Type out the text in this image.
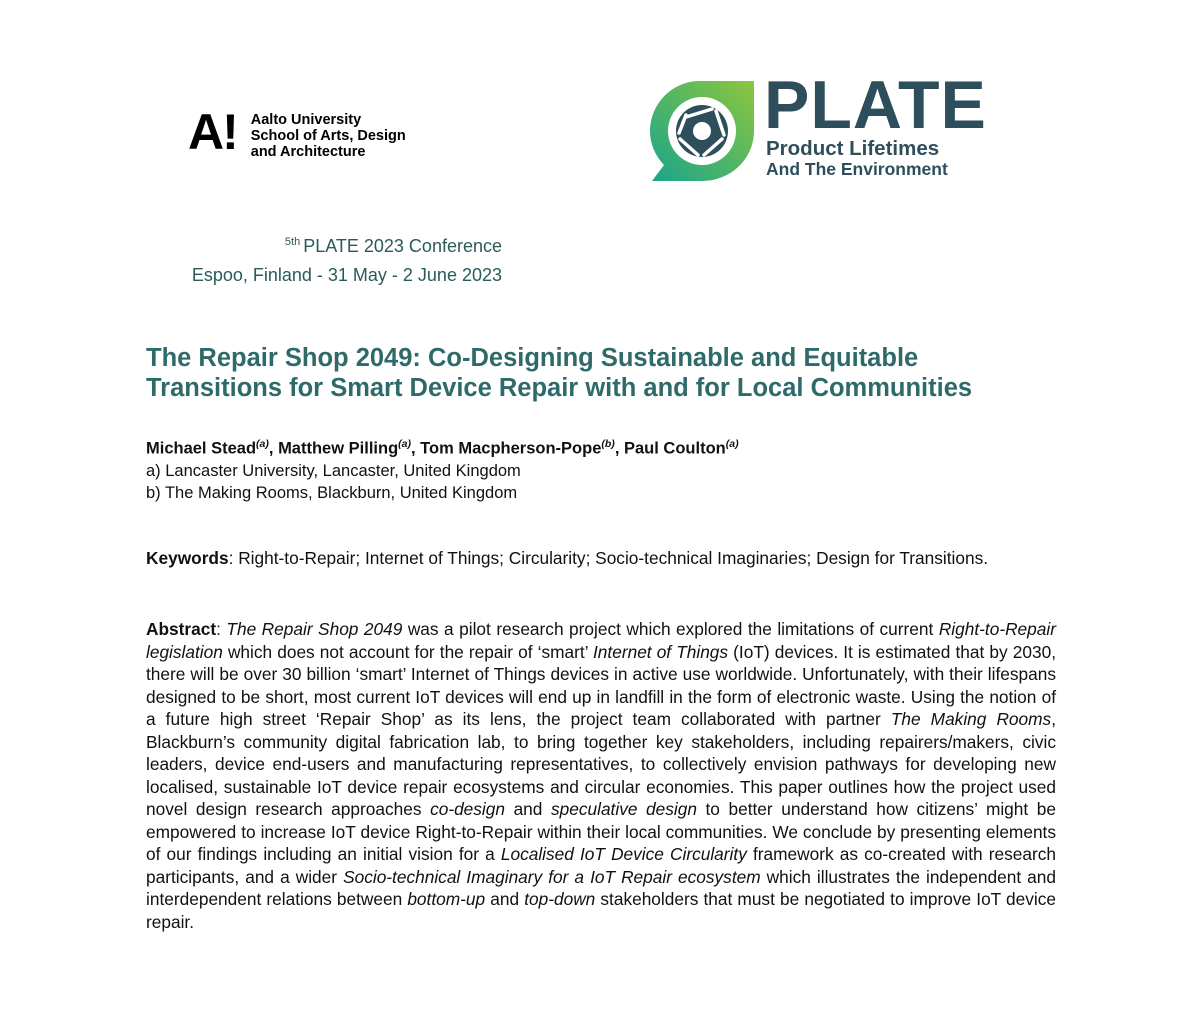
A! Aalto University
School of Arts, Design
and Architecture
PLATE
Product Lifetimes
And The Environment
$^{5th}$ PLATE 2023 Conference
Espoo, Finland - 31 May - 2 June 2023
The Repair Shop 2049: Co-Designing Sustainable and Equitable Transitions for Smart Device Repair with and for Local Communities
Michael Stead$^{(a)}$, Matthew Pilling$^{(a)}$, Tom Macpherson-Pope$^{(b)}$, Paul Coulton$^{(a)}$
a) Lancaster University, Lancaster, United Kingdom
b) The Making Rooms, Blackburn, United Kingdom

Keywords: Right-to-Repair; Internet of Things; Circularity; Socio-technical Imaginaries; Design for Transitions.

Abstract: The Repair Shop 2049 was a pilot research project which explored the limitations of current Right-to-Repair legislation which does not account for the repair of ‘smart’ Internet of Things (IoT) devices. It is estimated that by 2030, there will be over 30 billion ‘smart’ Internet of Things devices in active use worldwide. Unfortunately, with their lifespans designed to be short, most current IoT devices will end up in landfill in the form of electronic waste. Using the notion of a future high street ‘Repair Shop’ as its lens, the project team collaborated with partner The Making Rooms, Blackburn’s community digital fabrication lab, to bring together key stakeholders, including repairers/makers, civic leaders, device end-users and manufacturing representatives, to collectively envision pathways for developing new localised, sustainable IoT device repair ecosystems and circular economies. This paper outlines how the project used novel design research approaches co-design and speculative design to better understand how citizens’ might be empowered to increase IoT device Right-to-Repair within their local communities. We conclude by presenting elements of our findings including an initial vision for a Localised IoT Device Circularity framework as co-created with research participants, and a wider Socio-technical Imaginary for a IoT Repair ecosystem which illustrates the independent and interdependent relations between bottom-up and top-down stakeholders that must be negotiated to improve IoT device repair.
